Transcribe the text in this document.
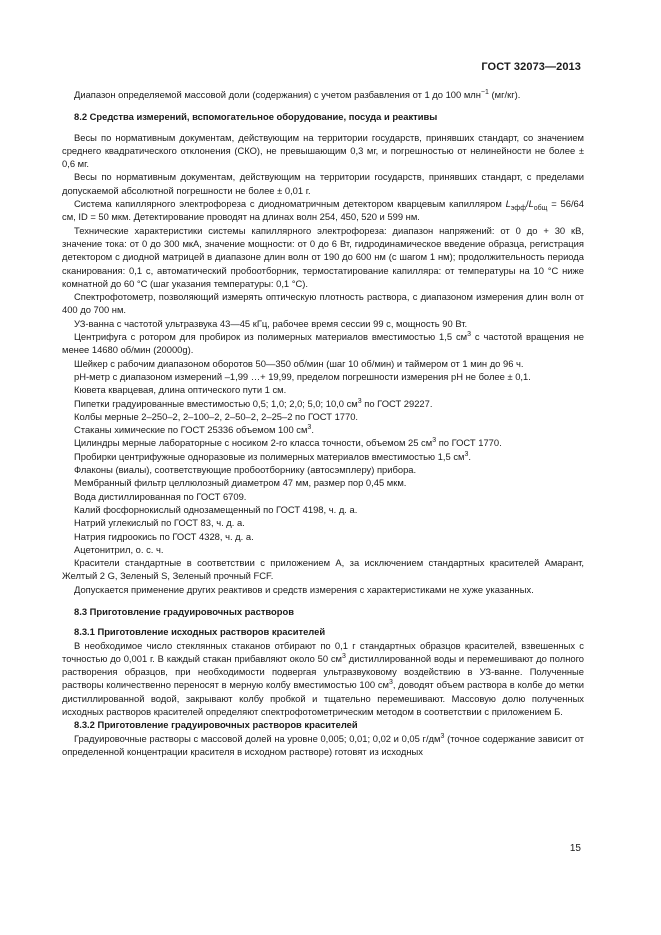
ГОСТ 32073—2013

Диапазон определяемой массовой доли (содержания) с учетом разбавления от 1 до 100 млн$^{-1}$ (мг/кг).

8.2 Средства измерений, вспомогательное оборудование, посуда и реактивы

Весы по нормативным документам, действующим на территории государств, принявших стандарт, со значением среднего квадратического отклонения (СКО), не превышающим 0,3 мг, и погрешностью от нелинейности не более ± 0,6 мг.

Весы по нормативным документам, действующим на территории государств, принявших стандарт, с пределами допускаемой абсолютной погрешности не более ± 0,01 г.

Система капиллярного электрофореза с диодноматричным детектором кварцевым капилляром $L_{эфф}/L_{общ} = 56/64$ см, ID = 50 мкм. Детектирование проводят на длинах волн 254, 450, 520 и 599 нм.

Технические характеристики системы капиллярного электрофореза: диапазон напряжений: от 0 до + 30 кВ, значение тока: от 0 до 300 мкА, значение мощности: от 0 до 6 Вт, гидродинамическое введение образца, регистрация детектором с диодной матрицей в диапазоне длин волн от 190 до 600 нм (с шагом 1 нм); продолжительность периода сканирования: 0,1 с, автоматический пробоотборник, термостатирование капилляра: от температуры на 10 °С ниже комнатной до 60 °С (шаг указания температуры: 0,1 °С).

Спектрофотометр, позволяющий измерять оптическую плотность раствора, с диапазоном измерения длин волн от 400 до 700 нм.

УЗ-ванна с частотой ультразвука 43—45 кГц, рабочее время сессии 99 с, мощность 90 Вт.

Центрифуга с ротором для пробирок из полимерных материалов вместимостью 1,5 $см^3$ с частотой вращения не менее 14680 об/мин (20000g).

Шейкер с рабочим диапазоном оборотов 50—350 об/мин (шаг 10 об/мин) и таймером от 1 мин до 96 ч.

pH-метр с диапазоном измерений –1,99 …+ 19,99, пределом погрешности измерения pH не более ± 0,1.

Кювета кварцевая, длина оптического пути 1 см.

Пипетки градуированные вместимостью 0,5; 1,0; 2,0; 5,0; 10,0 $см^3$ по ГОСТ 29227.

Колбы мерные 2–250–2, 2–100–2, 2–50–2, 2–25–2 по ГОСТ 1770.

Стаканы химические по ГОСТ 25336 объемом 100 $см^3$.

Цилиндры мерные лабораторные с носиком 2-го класса точности, объемом 25 $см^3$ по ГОСТ 1770.

Пробирки центрифужные одноразовые из полимерных материалов вместимостью 1,5 $см^3$.

Флаконы (виалы), соответствующие пробоотборнику (автосэмплеру) прибора.

Мембранный фильтр целлюлозный диаметром 47 мм, размер пор 0,45 мкм.

Вода дистиллированная по ГОСТ 6709.

Калий фосфорнокислый однозамещенный по ГОСТ 4198, ч. д. а.

Натрий углекислый по ГОСТ 83, ч. д. а.

Натрия гидроокись по ГОСТ 4328, ч. д. а.

Ацетонитрил, о. с. ч.

Красители стандартные в соответствии с приложением А, за исключением стандартных красителей Амарант, Желтый 2 G, Зеленый S, Зеленый прочный FCF.

Допускается применение других реактивов и средств измерения с характеристиками не хуже указанных.

8.3 Приготовление градуировочных растворов
8.3.1 Приготовление исходных растворов красителей

В необходимое число стеклянных стаканов отбирают по 0,1 г стандартных образцов красителей, взвешенных с точностью до 0,001 г. В каждый стакан прибавляют около 50 $см^3$ дистиллированной воды и перемешивают до полного растворения образцов, при необходимости подвергая ультразвуковому воздействию в УЗ-ванне. Полученные растворы количественно переносят в мерную колбу вместимостью 100 $см^3$, доводят объем раствора в колбе до метки дистиллированной водой, закрывают колбу пробкой и тщательно перемешивают. Массовую долю полученных исходных растворов красителей определяют спектрофотометрическим методом в соответствии с приложением Б.

8.3.2 Приготовление градуировочных растворов красителей

Градуировочные растворы с массовой долей на уровне 0,005; 0,01; 0,02 и 0,05 $г/дм^3$ (точное содержание зависит от определенной концентрации красителя в исходном растворе) готовят из исходных

15
